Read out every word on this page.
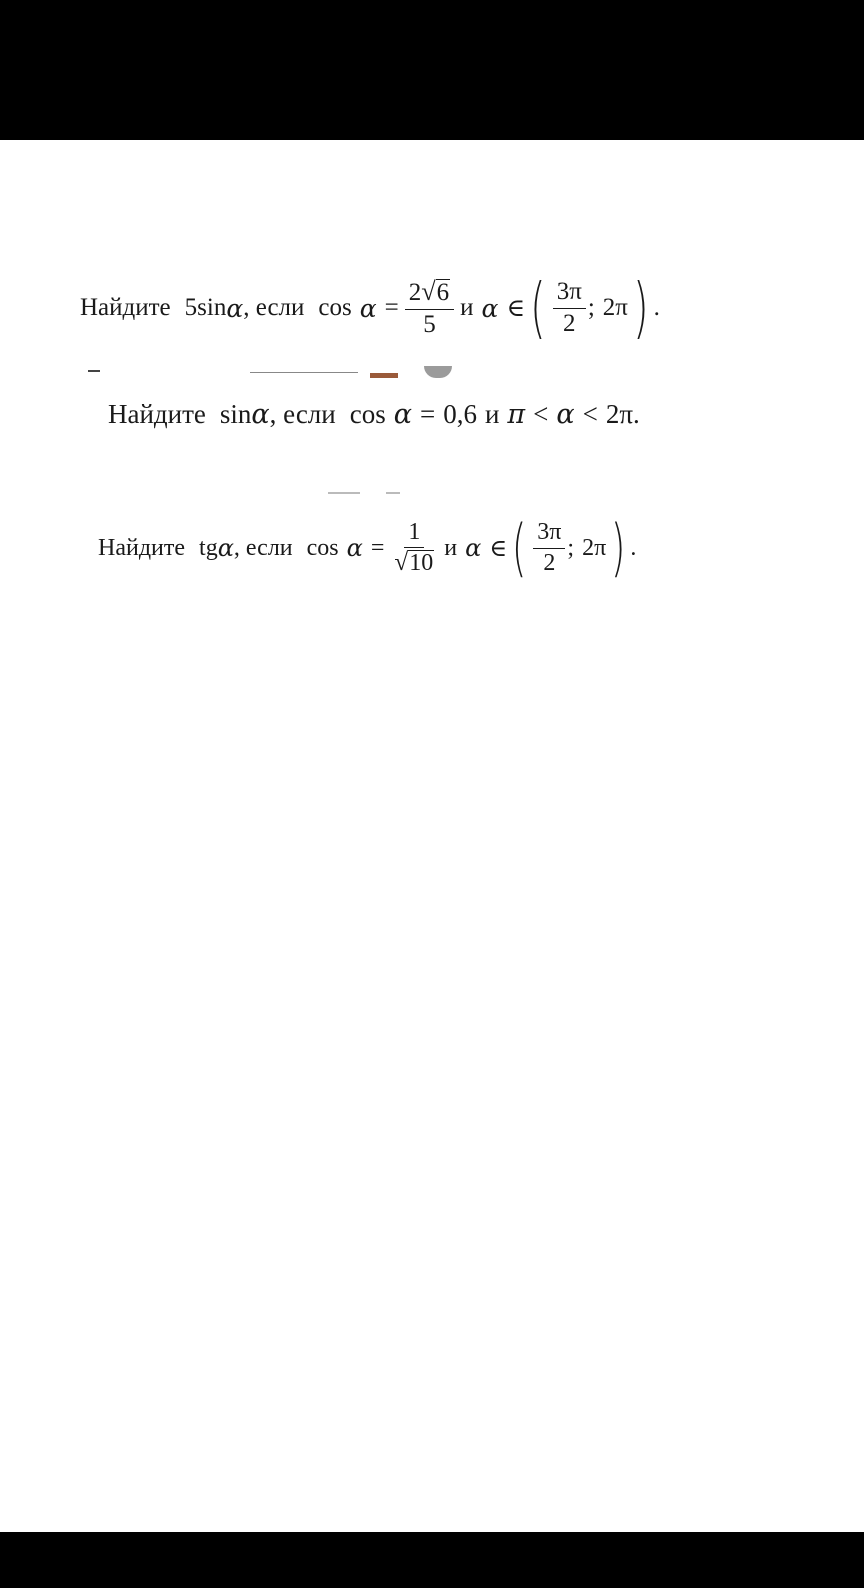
Найдите 5 sin α , если $\cos \alpha = \frac{2 √ 6}{5}$ и α ∈ ( $\frac{3\pi}{2}$ ; 2π ) .
Найдите sin α , если cos α = 0,6 и π < α < 2π .
Найдите tg α , если $\cos \alpha = \frac{1}{√ 10}$ и α ∈ ( $\frac{3\pi}{2}$ ; 2π ) .
